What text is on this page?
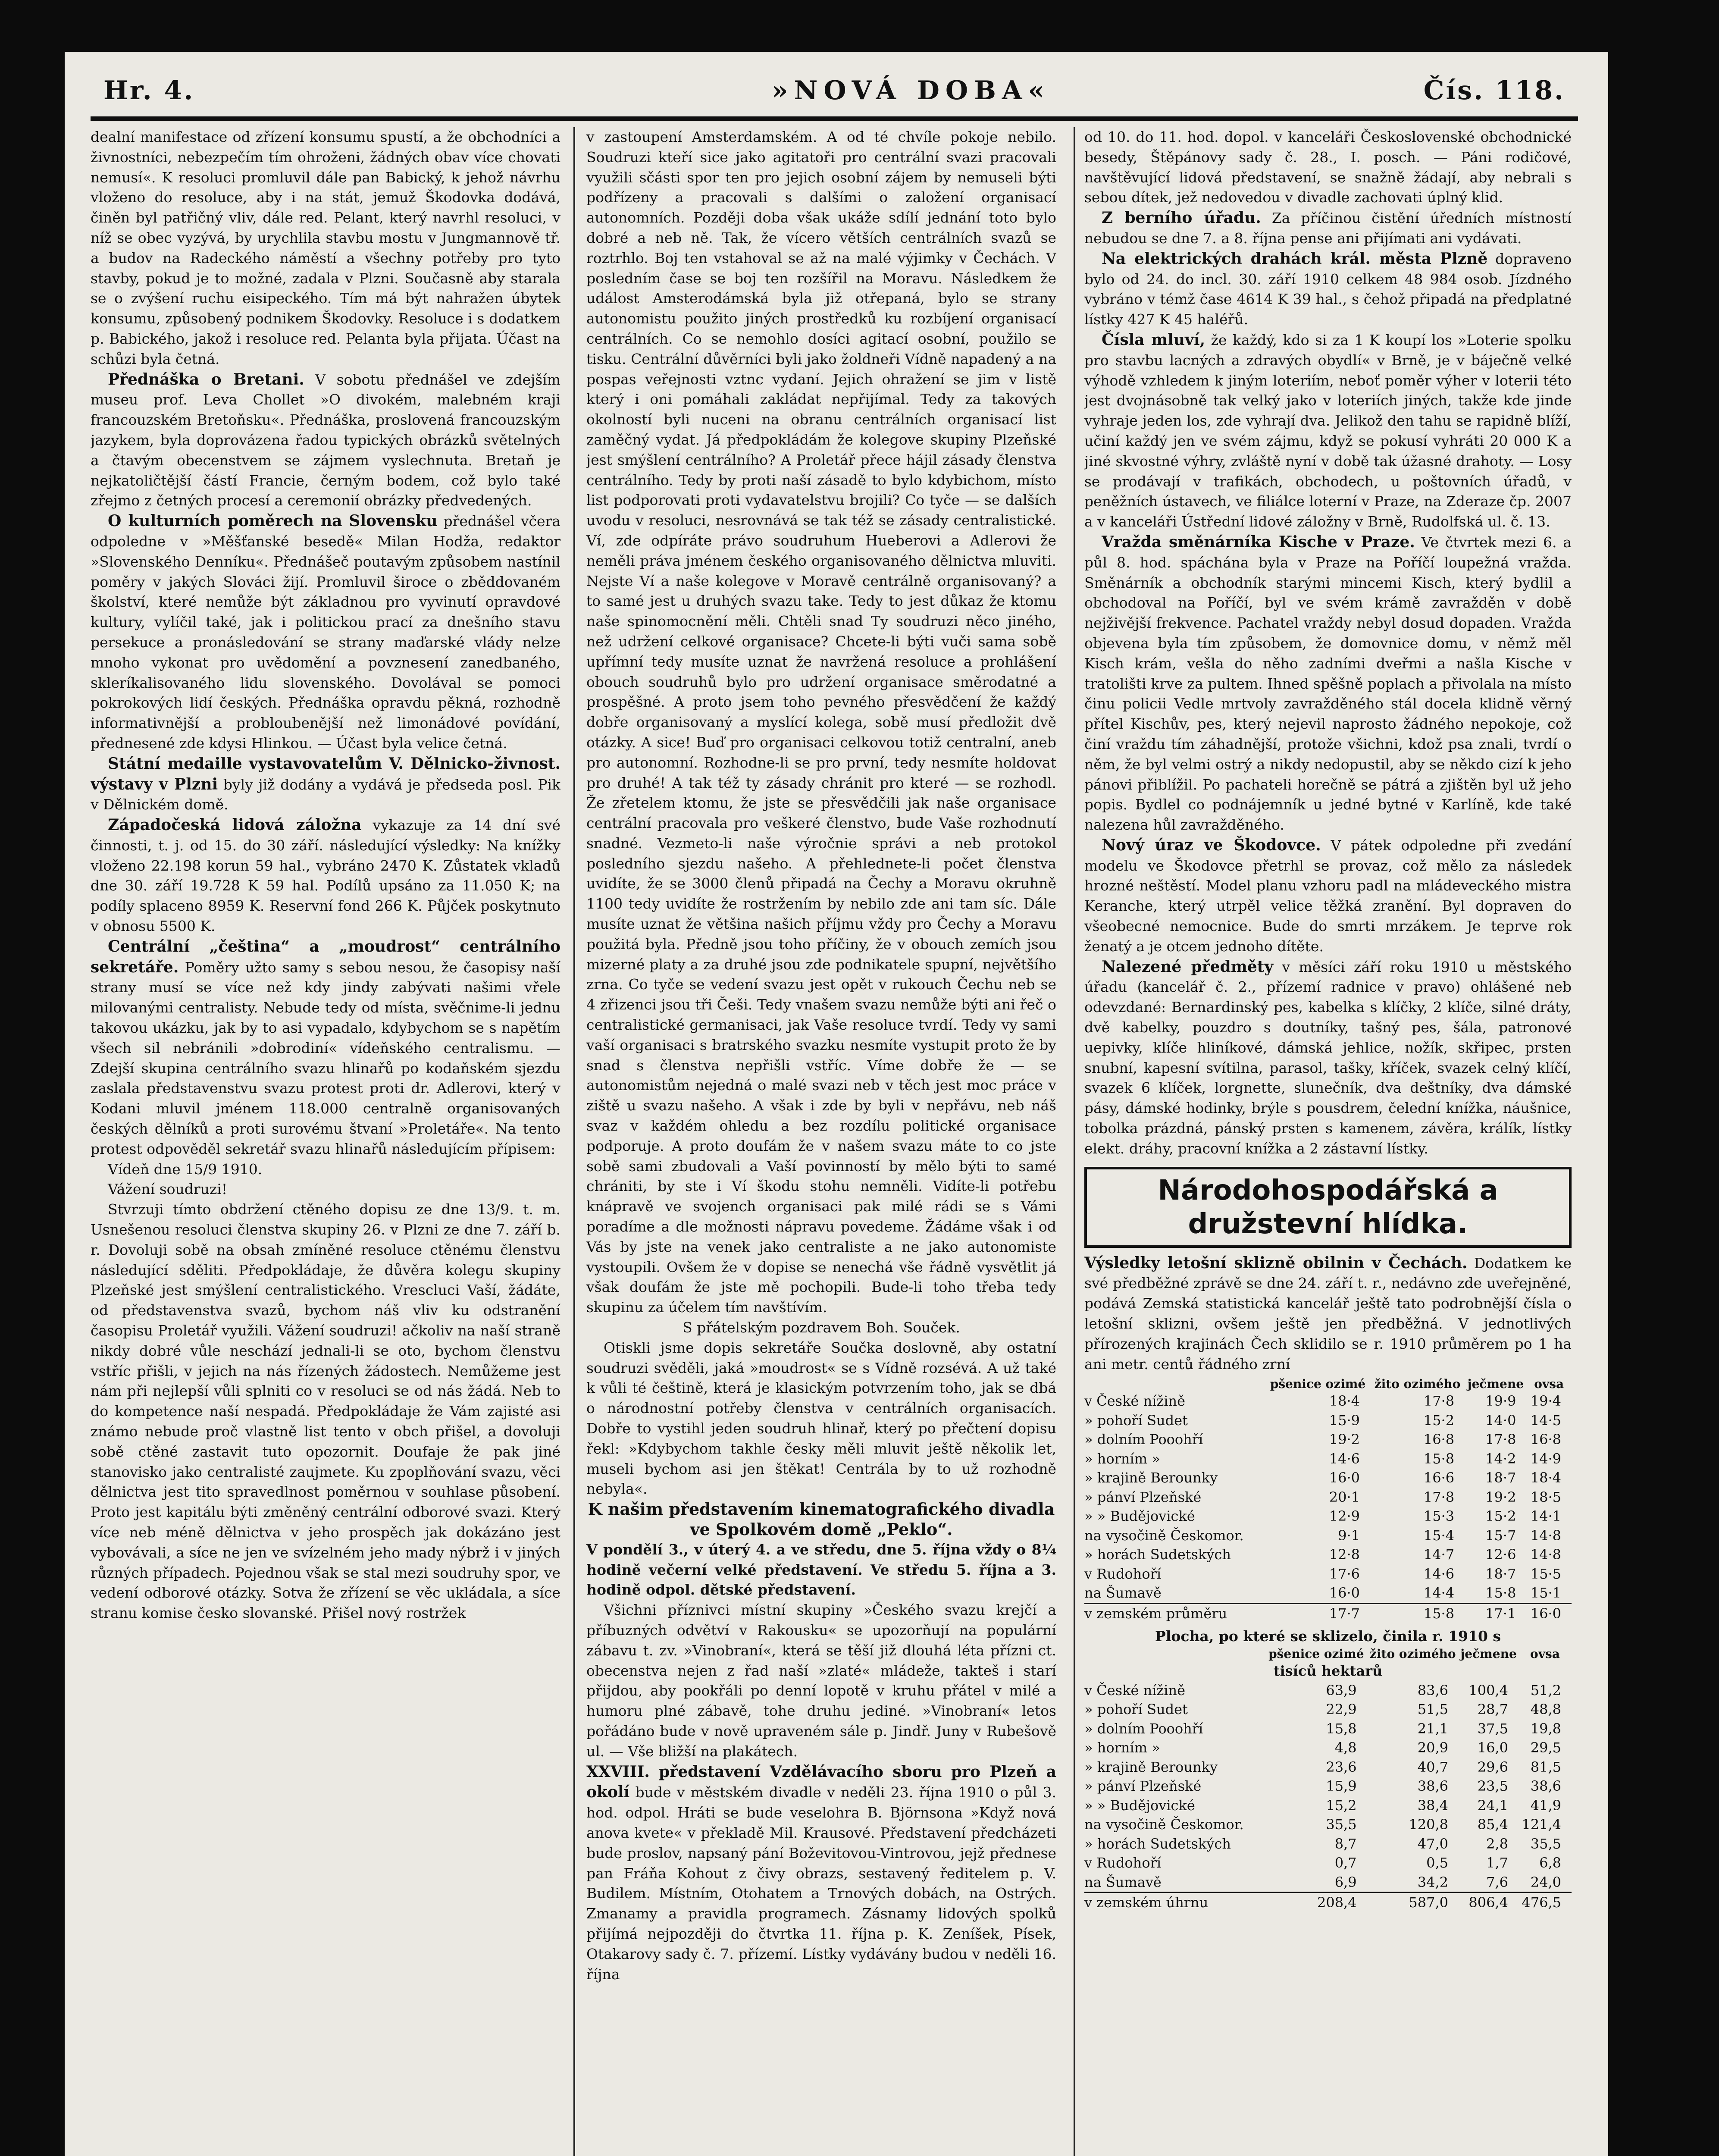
Hr. 4.	»NOVÁ DOBA«	Čís. 118.

dealní manifestace od zřízení konsumu spustí, a že obchodníci a živnostníci, nebezpečím tím ohroženi, žádných obav více chovati nemusí«. K resoluci promluvil dále pan Babický, k jehož návrhu vloženo do resoluce, aby i na stát, jemuž Škodovka dodává, činěn byl patřičný vliv, dále red. Pelant, který navrhl resoluci, v níž se obec vyzývá, by urychlila stavbu mostu v Jungmannově tř. a budov na Radeckého náměstí a všechny potřeby pro tyto stavby, pokud je to možné, zadala v Plzni. Současně aby starala se o zvýšení ruchu eisipeckého. Tím má být nahražen úbytek konsumu, způsobený podnikem Škodovky. Resoluce i s dodatkem p. Babického, jakož i resoluce red. Pelanta byla přijata. Účast na schůzi byla četná.

Přednáška o Bretani. V sobotu přednášel ve zdejším museu prof. Leva Chollet »O divokém, malebném kraji francouzském Bretoňsku«. Přednáška, proslovená francouzským jazykem, byla doprovázena řadou typických obrázků světelných a čtavým obecenstvem se zájmem vyslechnuta. Bretaň je nejkatoličtější částí Francie, černým bodem, což bylo také zřejmo z četných procesí a ceremonií obrázky předvedených.

O kulturních poměrech na Slovensku přednášel včera odpoledne v »Měšťanské besedě« Milan Hodža, redaktor »Slovenského Denníku«. Přednášeč poutavým způsobem nastínil poměry v jakých Slováci žijí. Promluvil široce o zběddovaném školství, které nemůže být základnou pro vyvinutí opravdové kultury, vylíčil také, jak i politickou prací za dnešního stavu persekuce a pronásledování se strany maďarské vlády nelze mnoho vykonat pro uvědomění a povznesení zanedbaného, skleríkalisovaného lidu slovenského. Dovolával se pomoci pokrokových lidí českých. Přednáška opravdu pěkná, rozhodně informativnější a probloubenější než limonádové povídání, přednesené zde kdysi Hlinkou. — Účast byla velice četná.

Státní medaille vystavovatelům V. Dělnicko-živnost. výstavy v Plzni byly již dodány a vydává je předseda posl. Pik v Dělnickém domě.

Západočeská lidová záložna vykazuje za 14 dní své činnosti, t. j. od 15. do 30 září. následující výsledky: Na knížky vloženo 22.198 korun 59 hal., vybráno 2470 K. Zůstatek vkladů dne 30. září 19.728 K 59 hal. Podílů upsáno za 11.050 K; na podíly splaceno 8959 K. Reservní fond 266 K. Půjček poskytnuto v obnosu 5500 K.

Centrální „čeština“ a „moudrost“ centrálního sekretáře. Poměry užto samy s sebou nesou, že časopisy naší strany musí se více než kdy jindy zabývati našimi vřele milovanými centralisty. Nebude tedy od místa, svěčnime-li jednu takovou ukázku, jak by to asi vypadalo, kdybychom se s napětím všech sil nebránili »dobrodiní« vídeňského centralismu. — Zdejší skupina centrálního svazu hlinařů po kodaňském sjezdu zaslala představenstvu svazu protest proti dr. Adlerovi, který v Kodani mluvil jménem 118.000 centralně organisovaných českých dělníků a proti surovému štvaní »Proletáře«. Na tento protest odpověděl sekretář svazu hlinařů následujícím přípisem:

Vídeň dne 15/9 1910.

Vážení soudruzi!

Stvrzuji tímto obdržení ctěného dopisu ze dne 13/9. t. m. Usnešenou resoluci členstva skupiny 26. v Plzni ze dne 7. září b. r. Dovoluji sobě na obsah zmíněné resoluce ctěnému členstvu následující sděliti. Předpokládaje, že důvěra kolegu skupiny Plzeňské jest smýšlení centralistického. Vrescluci Vaší, žádáte, od představenstva svazů, bychom náš vliv ku odstranění časopisu Proletář využili. Vážení soudruzi! ačkoliv na naší straně nikdy dobré vůle neschází jednali-li se oto, bychom členstvu vstříc přišli, v jejich na nás řízených žádostech. Nemůžeme jest nám při nejlepší vůli splniti co v resoluci se od nás žádá. Neb to do kompetence naší nespadá. Předpokládaje že Vám zajisté asi známo nebude proč vlastně list tento v obch přišel, a dovoluji sobě ctěné zastavit tuto opozornit. Doufaje že pak jiné stanovisko jako centralisté zaujmete. Ku zpoplňování svazu, věci dělnictva jest tito spravedlnost poměrnou v souhlase působení. Proto jest kapitálu býti změněný centrální odborové svazi. Který více neb méně dělnictva v jeho prospěch jak dokázáno jest vybovávali, a síce ne jen ve svízelném jeho mady nýbrž i v jiných různých případech. Pojednou však se stal mezi soudruhy spor, ve vedení odborové otázky. Sotva že zřízení se věc ukládala, a síce stranu komise česko slovanské. Přišel nový rostržek

v zastoupení Amsterdamském. A od té chvíle pokoje nebilo. Soudruzi kteří sice jako agitatoři pro centrální svazi pracovali využili sčásti spor ten pro jejich osobní zájem by nemuseli býti podřízeny a pracovali s dalšími o založení organisací autonomních. Později doba však ukáže sdílí jednání toto bylo dobré a neb ně. Tak, že vícero větších centrálních svazů se roztrhlo. Boj ten vstahoval se až na malé výjimky v Čechách. V posledním čase se boj ten rozšířil na Moravu. Následkem že událost Amsterodámská byla již otřepaná, bylo se strany autonomistu použito jiných prostředků ku rozbíjení organisací centrálních. Co se nemohlo dosíci agitací osobní, použilo se tisku. Centrální důvěrníci byli jako žoldneři Vídně napadený a na pospas veřejnosti vztnc vydaní. Jejich ohražení se jim v listě který i oni pomáhali zakládat nepřijímal. Tedy za takových okolností byli nuceni na obranu centrálních organisací list zaměčný vydat. Já předpokládám že kolegove skupiny Plzeňské jest smýšlení centrálního? A Proletář přece hájil zásady členstva centrálního. Tedy by proti naší zásadě to bylo kdybichom, místo list podporovati proti vydavatelstvu brojili? Co tyče — se dalších uvodu v resoluci, nesrovnává se tak též se zásady centralistické. Ví, zde odpíráte právo soudruhum Hueberovi a Adlerovi že neměli práva jménem českého organisovaného dělnictva mluviti. Nejste Ví a naše kolegove v Moravě centrálně organisovaný? a to samé jest u druhých svazu take. Tedy to jest důkaz že ktomu naše spinomocnění měli. Chtěli snad Ty soudruzi něco jiného, než udržení celkové organisace? Chcete-li býti vuči sama sobě upřímní tedy musíte uznat že navržená resoluce a prohlášení obouch soudruhů bylo pro udržení organisace směrodatné a prospěšné. A proto jsem toho pevného přesvědčení že každý dobře organisovaný a myslící kolega, sobě musí předložit dvě otázky. A sice! Buď pro organisaci celkovou totiž centralní, aneb pro autonomní. Rozhodne-li se pro první, tedy nesmíte holdovat pro druhé! A tak též ty zásady chránit pro které — se rozhodl. Že zřetelem ktomu, že jste se přesvědčili jak naše organisace centrální pracovala pro veškeré členstvo, bude Vaše rozhodnutí snadné. Vezmeto-li naše výročnie správi a neb protokol posledního sjezdu našeho. A přehlednete-li počet členstva uvidíte, že se 3000 členů připadá na Čechy a Moravu okruhně 1100 tedy uvidíte že rostržením by nebilo zde ani tam síc. Dále musíte uznat že většina našich příjmu vždy pro Čechy a Moravu použitá byla. Předně jsou toho příčiny, že v obouch zemích jsou mizerné platy a za druhé jsou zde podnikatele spupní, největšího zrna. Co tyče se vedení svazu jest opět v rukouch Čechu neb se 4 zřizenci jsou tři Češi. Tedy vnašem svazu nemůže býti ani řeč o centralistické germanisaci, jak Vaše resoluce tvrdí. Tedy vy sami vaší organisaci s bratrského svazku nesmíte vystupit proto že by snad s členstva nepřišli vstříc. Víme dobře že — se autonomistům nejedná o malé svazi neb v těch jest moc práce v ziště u svazu našeho. A však i zde by byli v nepřávu, neb náš svaz v každém ohledu a bez rozdílu politické organisace podporuje. A proto doufám že v našem svazu máte to co jste sobě sami zbudovali a Vaší povinností by mělo býti to samé chrániti, by ste i Ví škodu stohu nemněli. Vidíte-li potřebu knápravě ve svojench organisaci pak milé rádi se s Vámi poradíme a dle možnosti nápravu povedeme. Žádáme však i od Vás by jste na venek jako centraliste a ne jako autonomiste vystoupili. Ovšem že v dopise se nenechá vše řádně vysvětlit já však doufám že jste mě pochopili. Bude-li toho třeba tedy skupinu za účelem tím navštívím.

S přátelským pozdravem Boh. Souček.

Otiskli jsme dopis sekretáře Součka doslovně, aby ostatní soudruzi svěděli, jaká »moudrost« se s Vídně rozsévá. A už také k vůli té češtině, která je klasickým potvrzením toho, jak se dbá o národnostní potřeby členstva v centrálních organisacích. Dobře to vystihl jeden soudruh hlinař, který po přečtení dopisu řekl: »Kdybychom takhle česky měli mluvit ještě několik let, museli bychom asi jen štěkat! Centrála by to už rozhodně nebyla«.

K našim představením kinematografického divadla ve Spolkovém domě „Peklo“.

V pondělí 3., v úterý 4. a ve středu, dne 5. října vždy o 8¼ hodině večerní velké představení. Ve středu 5. října a 3. hodině odpol. dětské představení.

Všichni příznivci místní skupiny »Českého svazu krejčí a příbuzných odvětví v Rakousku« se upozorňují na populární zábavu t. zv. »Vinobraní«, která se těší již dlouhá léta přízni ct. obecenstva nejen z řad naší »zlaté« mládeže, takteš i starí přijdou, aby pookřáli po denní lopotě v kruhu přátel v milé a humoru plné zábavě, tohe druhu jediné. »Vinobraní« letos pořádáno bude v nově upraveném sále p. Jindř. Juny v Rubešově ul. — Vše bližší na plakátech.

XXVIII. představení Vzdělávacího sboru pro Plzeň a okolí bude v městském divadle v neděli 23. října 1910 o půl 3. hod. odpol. Hráti se bude veselohra B. Björnsona »Když nová anova kvete« v překladě Mil. Krausové. Představení předcházeti bude proslov, napsaný pání Boževitovou-Vintrovou, jejž přednese pan Fráňa Kohout z čivy obrazs, sestavený ředitelem p. V. Budilem. Místním, Otohatem a Trnových dobách, na Ostrých. Zmanamy a pravidla programech. Zásnamy lidových spolků přijímá nejpozději do čtvrtka 11. října p. K. Zeníšek, Písek, Otakarovy sady č. 7. přízemí. Lístky vydávány budou v neděli 16. října

od 10. do 11. hod. dopol. v kanceláři Československé obchodnické besedy, Štěpánovy sady č. 28., I. posch. — Páni rodičové, navštěvující lidová představení, se snažně žádají, aby nebrali s sebou dítek, jež nedovedou v divadle zachovati úplný klid.

Z berního úřadu. Za příčinou čistění úředních místností nebudou se dne 7. a 8. října pense ani přijímati ani vydávati.

Na elektrických drahách král. města Plzně dopraveno bylo od 24. do incl. 30. září 1910 celkem 48 984 osob. Jízdného vybráno v témž čase 4614 K 39 hal., s čehož připadá na předplatné lístky 427 K 45 haléřů.

Čísla mluví, že každý, kdo si za 1 K koupí los »Loterie spolku pro stavbu lacných a zdravých obydlí« v Brně, je v báječně velké výhodě vzhledem k jiným loteriím, neboť poměr výher v loterii této jest dvojnásobně tak velký jako v loteriích jiných, takže kde jinde vyhraje jeden los, zde vyhrají dva. Jelikož den tahu se rapidně blíží, učiní každý jen ve svém zájmu, když se pokusí vyhráti 20 000 K a jiné skvostné výhry, zvláště nyní v době tak úžasné drahoty. — Losy se prodávají v trafikách, obchodech, u poštovních úřadů, v peněžních ústavech, ve filiálce loterní v Praze, na Zderaze čp. 2007 a v kanceláři Ústřední lidové záložny v Brně, Rudolfská ul. č. 13.

Vražda směnárníka Kische v Praze. Ve čtvrtek mezi 6. a půl 8. hod. spáchána byla v Praze na Poříčí loupežná vražda. Směnárník a obchodník starými mincemi Kisch, který bydlil a obchodoval na Poříčí, byl ve svém krámě zavražděn v době nejživější frekvence. Pachatel vraždy nebyl dosud dopaden. Vražda objevena byla tím způsobem, že domovnice domu, v němž měl Kisch krám, vešla do něho zadními dveřmi a našla Kische v tratolišti krve za pultem. Ihned spěšně poplach a přivolala na místo činu policii Vedle mrtvoly zavražděného stál docela klidně věrný přítel Kischův, pes, který nejevil naprosto žádného nepokoje, což činí vraždu tím záhadnější, protože všichni, kdož psa znali, tvrdí o něm, že byl velmi ostrý a nikdy nedopustil, aby se někdo cizí k jeho pánovi přiblížil. Po pachateli horečně se pátrá a zjištěn byl už jeho popis. Bydlel co podnájemník u jedné bytné v Karlíně, kde také nalezena hůl zavražděného.

Nový úraz ve Škodovce. V pátek odpoledne při zvedání modelu ve Škodovce přetrhl se provaz, což mělo za následek hrozné neštěstí. Model planu vzhoru padl na mládeveckého mistra Keranche, který utrpěl velice těžká zranění. Byl dopraven do všeobecné nemocnice. Bude do smrti mrzákem. Je teprve rok ženatý a je otcem jednoho dítěte.

Nalezené předměty v měsíci září roku 1910 u městského úřadu (kancelář č. 2., přízemí radnice v pravo) ohlášené neb odevzdané: Bernardinský pes, kabelka s klíčky, 2 klíče, silné dráty, dvě kabelky, pouzdro s doutníky, tašný pes, šála, patronové uepivky, klíče hliníkové, dámská jehlice, nožík, skřipec, prsten snubní, kapesní svítilna, parasol, tašky, kříček, svazek celný klíčí, svazek 6 klíček, lorgnette, slunečník, dva deštníky, dva dámské pásy, dámské hodinky, brýle s pousdrem, čelední knížka, náušnice, tobolka prázdná, pánský prsten s kamenem, závěra, králík, lístky elekt. dráhy, pracovní knížka a 2 zástavní lístky.

Národohospodářská a družstevní hlídka.

Výsledky letošní sklizně obilnin v Čechách. Dodatkem ke své předběžné zprávě se dne 24. září t. r., nedávno zde uveřejněné, podává Zemská statistická kancelář ještě tato podrobnější čísla o letošní sklizni, ovšem ještě jen předběžná. V jednotlivých přírozených krajinách Čech sklidilo se r. 1910 průměrem po 1 ha ani metr. centů řádného zrní

	pšenice ozimé	žito ozimého	ječmene	ovsa
v České nížině	18·4	17·8	19·9	19·4
» pohoří Sudet	15·9	15·2	14·0	14·5
» dolním Pooohří	19·2	16·8	17·8	16·8
» horním »	14·6	15·8	14·2	14·9
» krajině Berounky	16·0	16·6	18·7	18·4
» pánví Plzeňské	20·1	17·8	19·2	18·5
» » Budějovické	12·9	15·3	15·2	14·1
na vysočině Českomor.	9·1	15·4	15·7	14·8
» horách Sudetských	12·8	14·7	12·6	14·8
v Rudohoří	17·6	14·6	18·7	15·5
na Šumavě	16·0	14·4	15·8	15·1
v zemském průměru	17·7	15·8	17·1	16·0

Plocha, po které se sklizelo, činila r. 1910 s

	pšenice ozimé	žito ozimého	ječmene	ovsa
tisíců hektarů				
v České nížině	63,9	83,6	100,4	51,2
» pohoří Sudet	22,9	51,5	28,7	48,8
» dolním Pooohří	15,8	21,1	37,5	19,8
» horním »	4,8	20,9	16,0	29,5
» krajině Berounky	23,6	40,7	29,6	81,5
» pánví Plzeňské	15,9	38,6	23,5	38,6
» » Budějovické	15,2	38,4	24,1	41,9
na vysočině Českomor.	35,5	120,8	85,4	121,4
» horách Sudetských	8,7	47,0	2,8	35,5
v Rudohoří	0,7	0,5	1,7	6,8
na Šumavě	6,9	34,2	7,6	24,0
v zemském úhrnu	208,4	587,0	806,4	476,5
